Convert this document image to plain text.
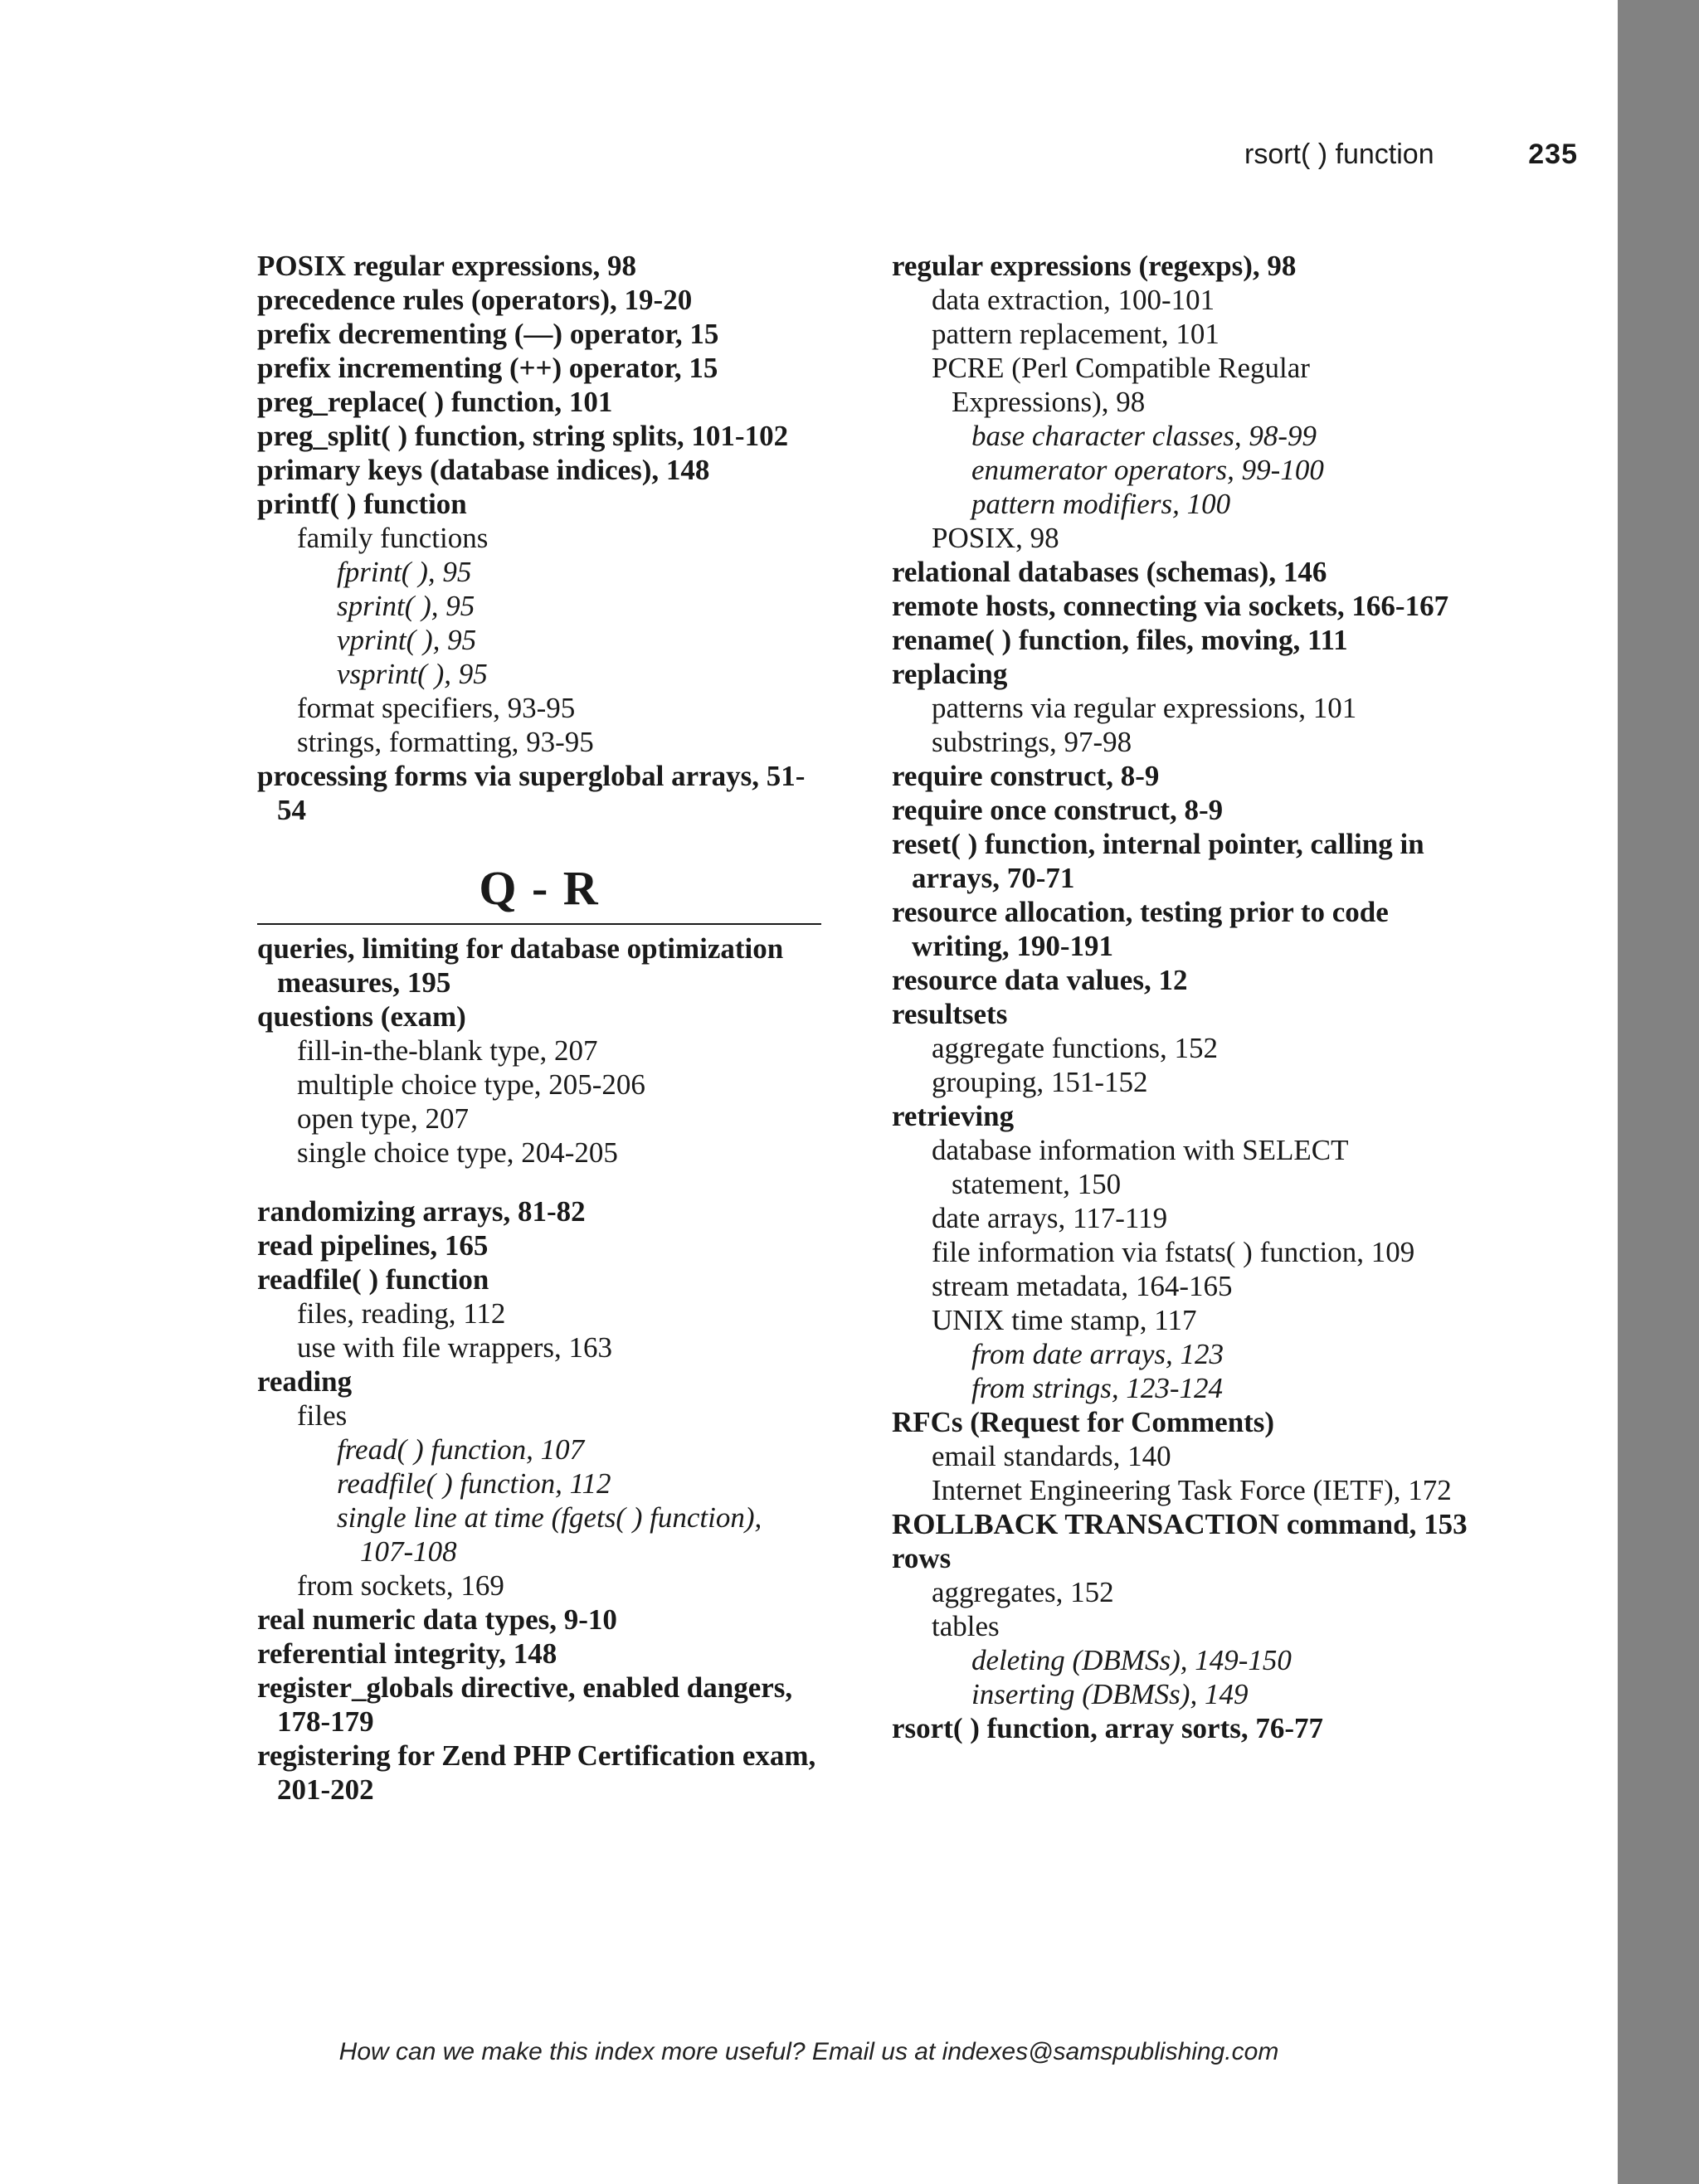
rsort( ) function	235
POSIX regular expressions, 98
precedence rules (operators), 19-20
prefix decrementing (—) operator, 15
prefix incrementing (++) operator, 15
preg_replace( ) function, 101
preg_split( ) function, string splits, 101-102
primary keys (database indices), 148
printf( ) function
family functions
fprint( ), 95
sprint( ), 95
vprint( ), 95
vsprint( ), 95
format specifiers, 93-95
strings, formatting, 93-95
processing forms via superglobal arrays, 51-54
Q - R
queries, limiting for database optimization measures, 195
questions (exam)
fill-in-the-blank type, 207
multiple choice type, 205-206
open type, 207
single choice type, 204-205
randomizing arrays, 81-82
read pipelines, 165
readfile( ) function
files, reading, 112
use with file wrappers, 163
reading
files
fread( ) function, 107
readfile( ) function, 112
single line at time (fgets( ) function), 107-108
from sockets, 169
real numeric data types, 9-10
referential integrity, 148
register_globals directive, enabled dangers, 178-179
registering for Zend PHP Certification exam, 201-202
regular expressions (regexps), 98
data extraction, 100-101
pattern replacement, 101
PCRE (Perl Compatible Regular Expressions), 98
base character classes, 98-99
enumerator operators, 99-100
pattern modifiers, 100
POSIX, 98
relational databases (schemas), 146
remote hosts, connecting via sockets, 166-167
rename( ) function, files, moving, 111
replacing
patterns via regular expressions, 101
substrings, 97-98
require construct, 8-9
require once construct, 8-9
reset( ) function, internal pointer, calling in arrays, 70-71
resource allocation, testing prior to code writing, 190-191
resource data values, 12
resultsets
aggregate functions, 152
grouping, 151-152
retrieving
database information with SELECT statement, 150
date arrays, 117-119
file information via fstats( ) function, 109
stream metadata, 164-165
UNIX time stamp, 117
from date arrays, 123
from strings, 123-124
RFCs (Request for Comments)
email standards, 140
Internet Engineering Task Force (IETF), 172
ROLLBACK TRANSACTION command, 153
rows
aggregates, 152
tables
deleting (DBMSs), 149-150
inserting (DBMSs), 149
rsort( ) function, array sorts, 76-77
How can we make this index more useful? Email us at indexes@samspublishing.com
